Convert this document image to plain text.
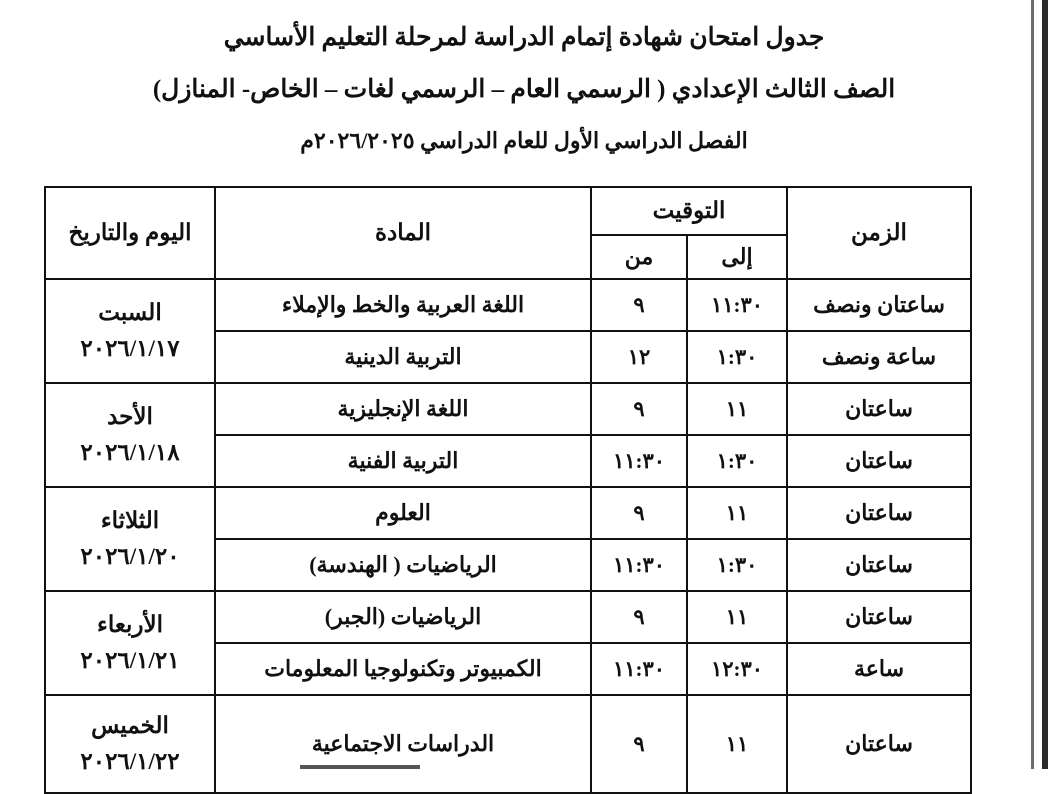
جدول امتحان شهادة إتمام الدراسة لمرحلة التعليم الأساسي
الصف الثالث الإعدادي ( الرسمي العام – الرسمي لغات – الخاص- المنازل)
الفصل الدراسي الأول للعام الدراسي ٢٠٢٦/٢٠٢٥م
الزمن	التوقيت		المادة	اليوم والتاريخ
	إلى	من		
ساعتان ونصف	١١:٣٠	٩	اللغة العربية والخط والإملاء	السبت
٢٠٢٦/١/١٧

ساعة ونصف	١:٣٠	١٢	التربية الدينية	
ساعتان	١١	٩	اللغة الإنجليزية	الأحد
٢٠٢٦/١/١٨

ساعتان	١:٣٠	١١:٣٠	التربية الفنية	
ساعتان	١١	٩	العلوم	الثلاثاء
٢٠٢٦/١/٢٠

ساعتان	١:٣٠	١١:٣٠	الرياضيات ( الهندسة)	
ساعتان	١١	٩	الرياضيات (الجبر)	الأربعاء
٢٠٢٦/١/٢١

ساعة	١٢:٣٠	١١:٣٠	الكمبيوتر وتكنولوجيا المعلومات	
ساعتان	١١	٩	الدراسات الاجتماعية	الخميس
٢٠٢٦/١/٢٢
